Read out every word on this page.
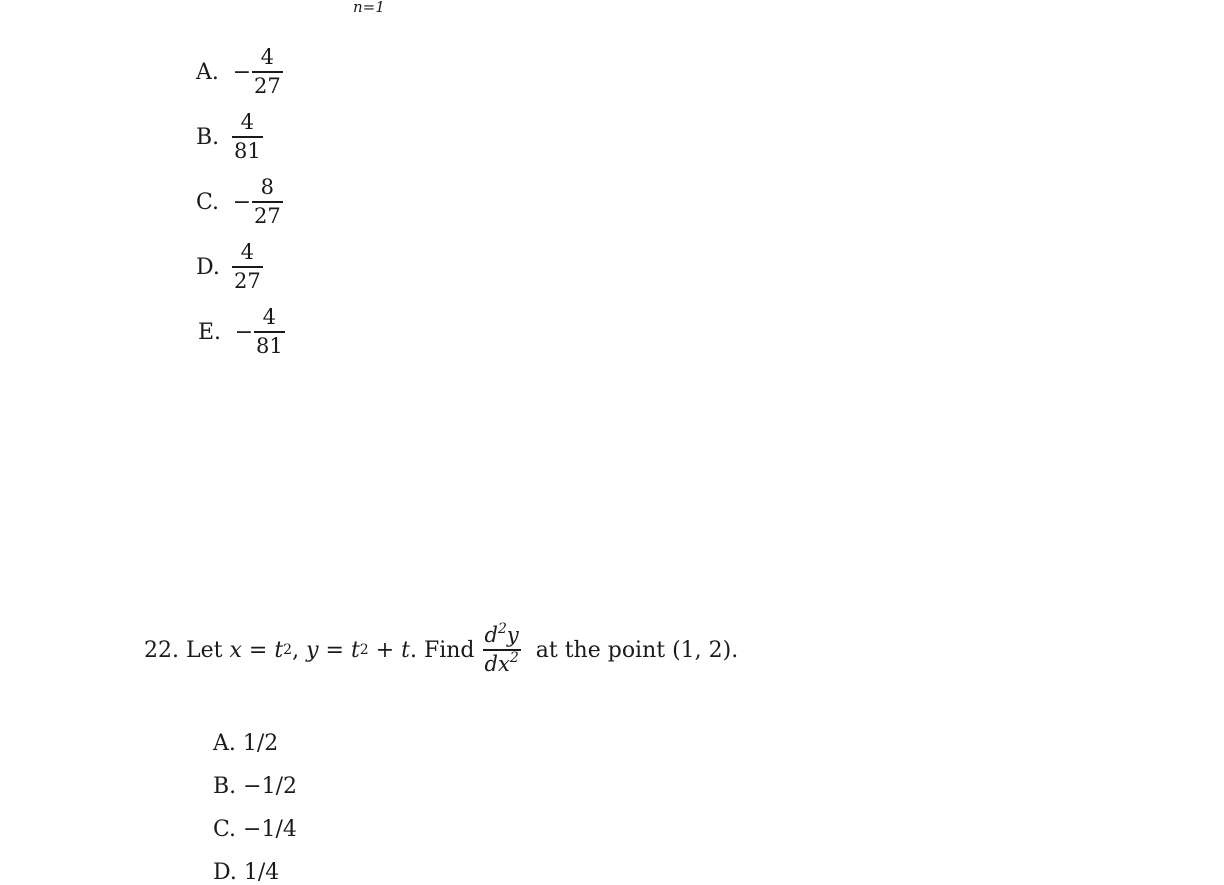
n=1
A. − $\frac{4}{27}$
B. $\frac{4}{81}$
C. − $\frac{8}{27}$
D. $\frac{4}{27}$
E. − $\frac{4}{81}$
22. Let x = t 2 , y = t 2 + t . Find $\frac{d^2y}{dx^2}$ at the point (1, 2).

A. 1/2

B. −1/2

C. −1/4

D. 1/4
